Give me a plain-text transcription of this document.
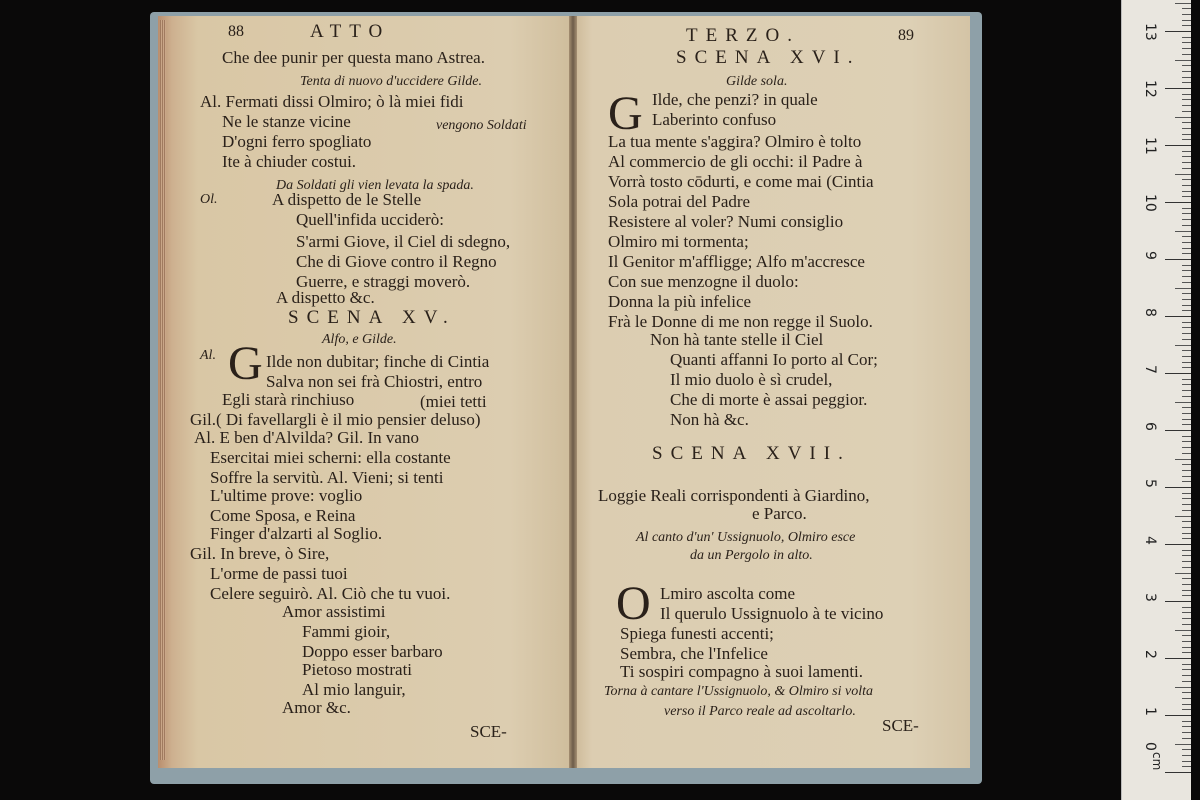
88	ATTO
Che dee punir per questa mano Astrea.
Tenta di nuovo d'uccidere Gilde.
Al. Fermati dissi Olmiro; ò là miei fidi
Ne le stanze vicine	vengono Soldati
D'ogni ferro spogliato
Ite à chiuder costui.
Da Soldati gli vien levata la spada.
Ol.	A dispetto de le Stelle
Quell'infida ucciderò:
S'armi Giove, il Ciel di sdegno,
Che di Giove contro il Regno
Guerre, e straggi moverò.
A dispetto &c.
SCENA XV.
Alfo, e Gilde.
Al. G Ilde non dubitar; finche di Cintia
Salva non sei frà Chiostri, entro
Egli starà rinchiuso	(miei tetti
Gil.( Di favellargli è il mio pensier deluso)
Al. E ben d'Alvilda? Gil. In vano
Esercitai miei scherni: ella costante
Soffre la servitù. Al. Vieni; si tenti
L'ultime prove: voglio
Come Sposa, e Reina
Finger d'alzarti al Soglio.
Gil. In breve, ò Sire,
L'orme de passi tuoi
Celere seguirò. Al. Ciò che tu vuoi.
Amor assistimi
Fammi gioir,
Doppo esser barbaro
Pietoso mostrati
Al mio languir,
Amor &c.
SCE-
TERZO.	89
SCENA XVI.
Gilde sola.
G Ilde, che penzi? in quale
Laberinto confuso
La tua mente s'aggira? Olmiro è tolto
Al commercio de gli occhi: il Padre à
Vorrà tosto cōdurti, e come mai (Cintia
Sola potrai del Padre
Resistere al voler? Numi consiglio
Olmiro mi tormenta;
Il Genitor m'affligge; Alfo m'accresce
Con sue menzogne il duolo:
Donna la più infelice
Frà le Donne di me non regge il Suolo.
Non hà tante stelle il Ciel
Quanti affanni Io porto al Cor;
Il mio duolo è sì crudel,
Che di morte è assai peggior.
Non hà &c.
SCENA XVII.
Loggie Reali corrispondenti à Giardino,
e Parco.
Al canto d'un' Ussignuolo, Olmiro esce
da un Pergolo in alto.
O Lmiro ascolta come
Il querulo Ussignuolo à te vicino
Spiega funesti accenti;
Sembra, che l'Infelice
Ti sospiri compagno à suoi lamenti.
Torna à cantare l'Ussignuolo, & Olmiro si volta
verso il Parco reale ad ascoltarlo.
SCE-
cm
1
2
3
4
5
6
7
8
9
10
11
12
13
0
